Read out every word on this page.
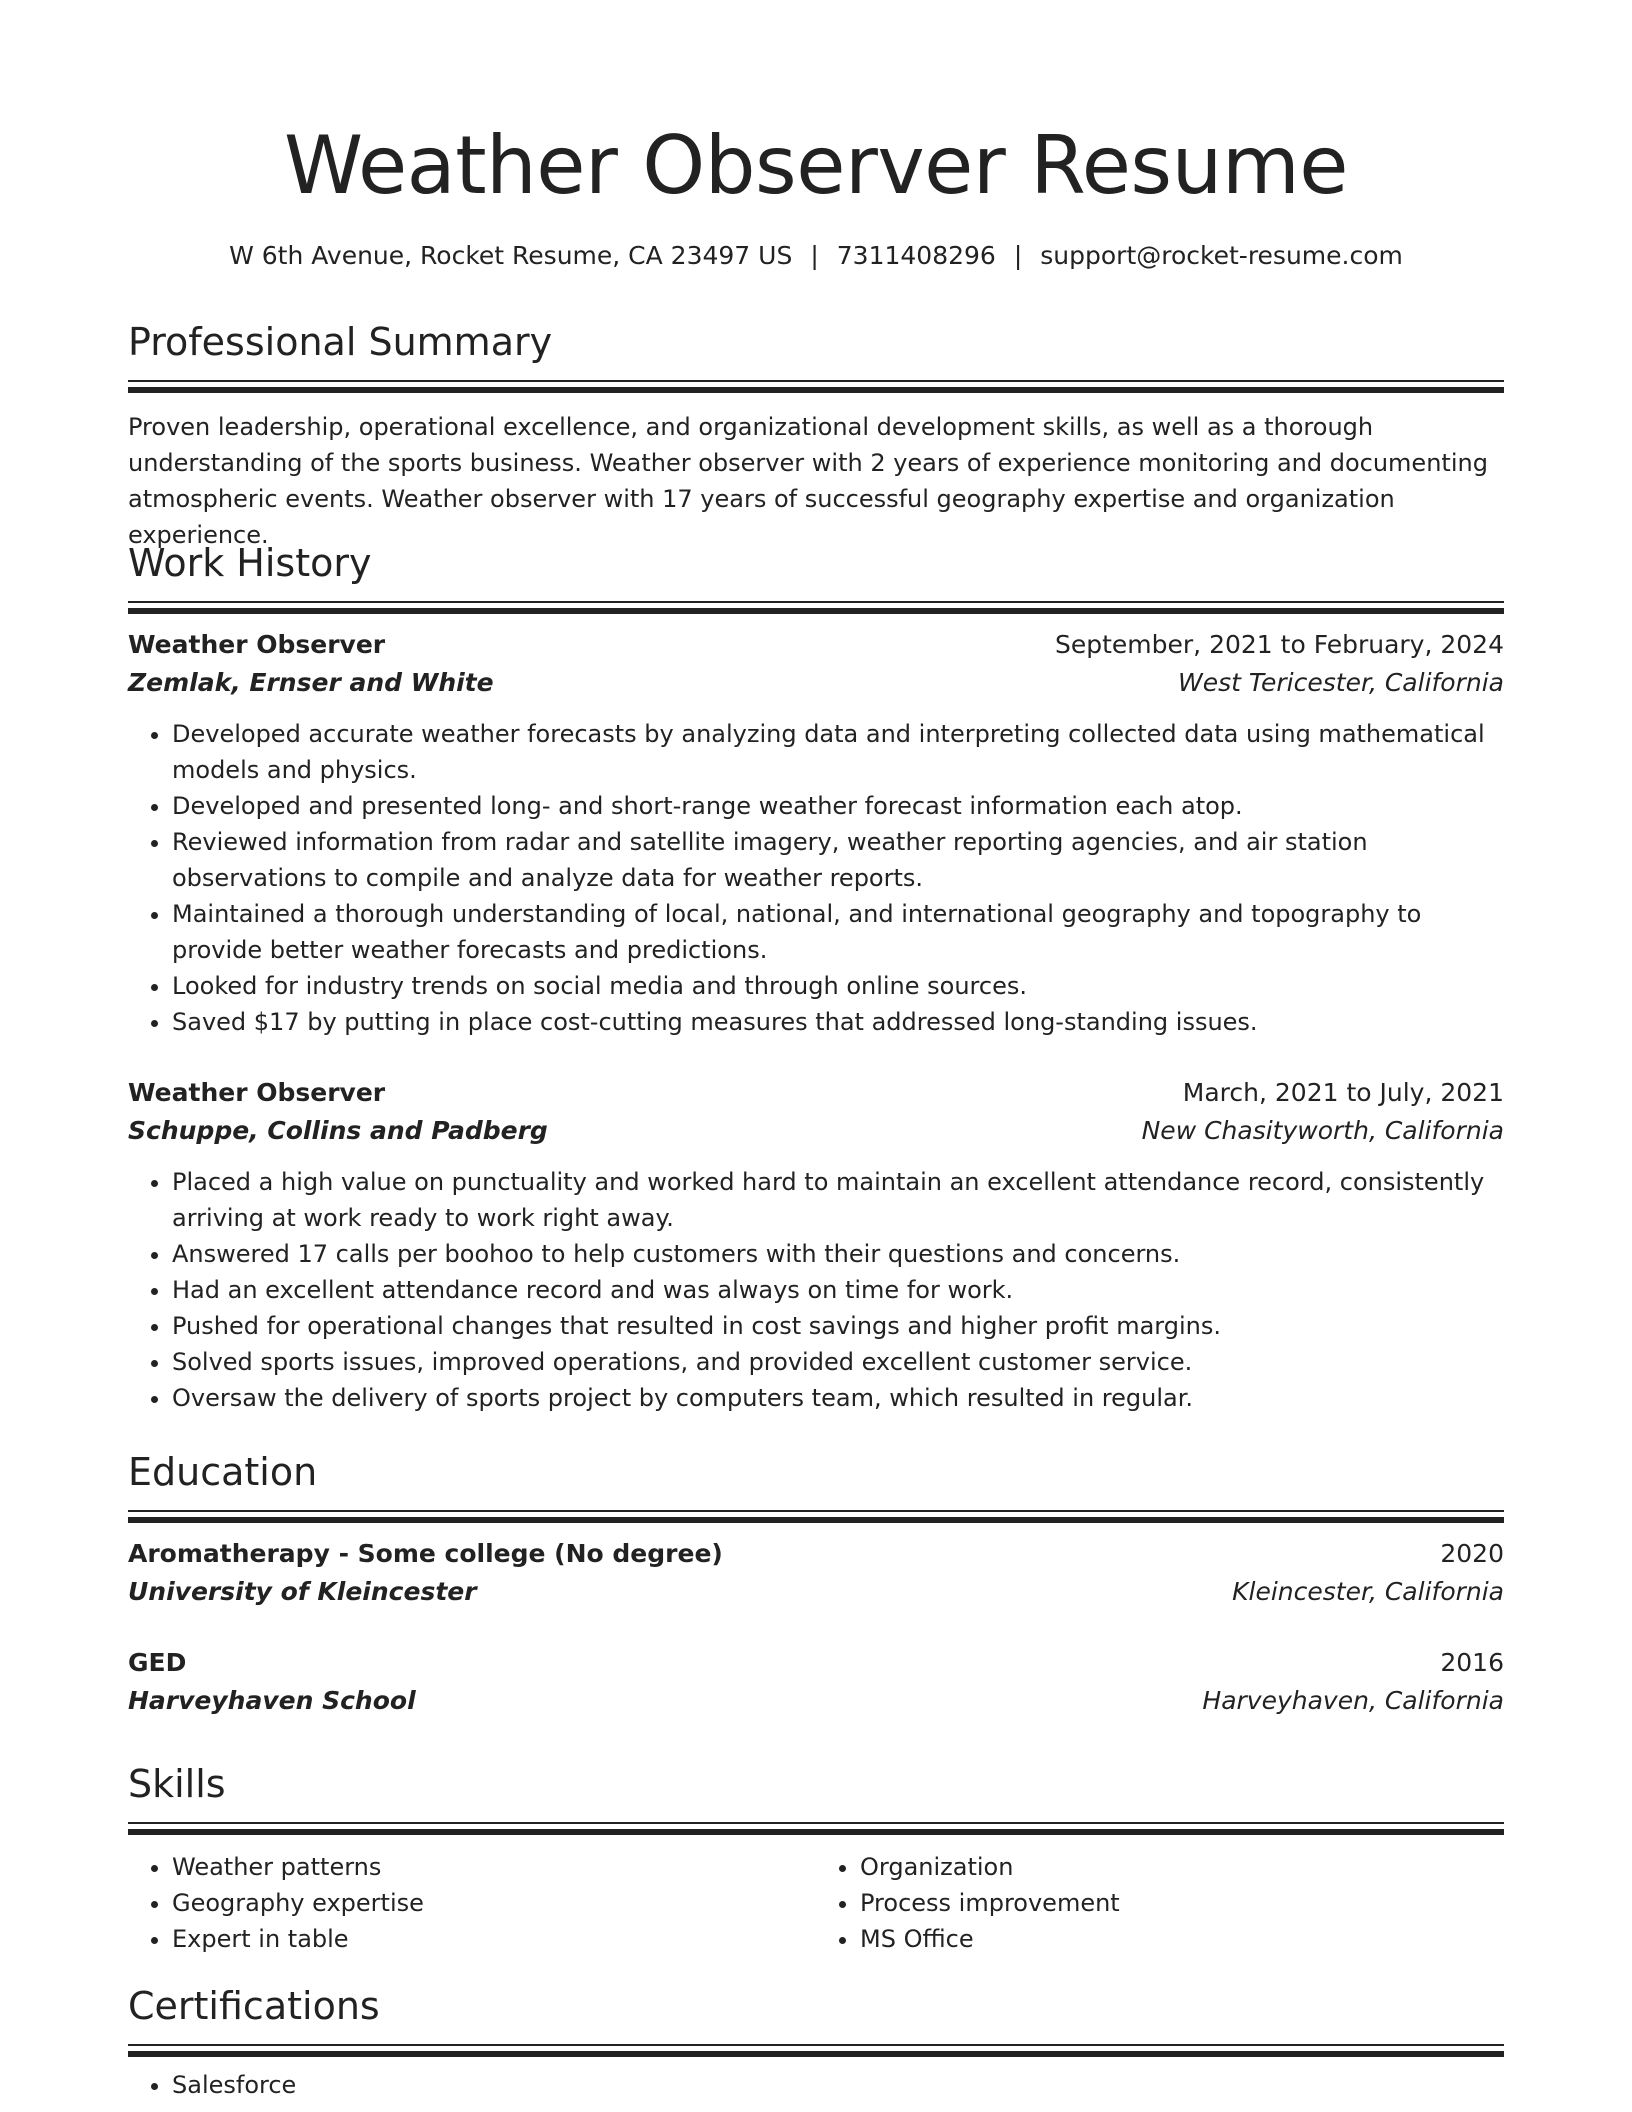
Weather Observer Resume
W 6th Avenue, Rocket Resume, CA 23497 US | 7311408296 | support@rocket-resume.com
Professional Summary

Proven leadership, operational excellence, and organizational development skills, as well as a thorough understanding of the sports business. Weather observer with 2 years of experience monitoring and documenting atmospheric events. Weather observer with 17 years of successful geography expertise and organization experience.

Work History
Weather Observer	September, 2021 to February, 2024
Zemlak, Ernser and White	West Tericester, California
• Developed accurate weather forecasts by analyzing data and interpreting collected data using mathematical models and physics.
• Developed and presented long- and short-range weather forecast information each atop.
• Reviewed information from radar and satellite imagery, weather reporting agencies, and air station observations to compile and analyze data for weather reports.
• Maintained a thorough understanding of local, national, and international geography and topography to provide better weather forecasts and predictions.
• Looked for industry trends on social media and through online sources.
• Saved $17 by putting in place cost-cutting measures that addressed long-standing issues.
Weather Observer	March, 2021 to July, 2021
Schuppe, Collins and Padberg	New Chasityworth, California
• Placed a high value on punctuality and worked hard to maintain an excellent attendance record, consistently arriving at work ready to work right away.
• Answered 17 calls per boohoo to help customers with their questions and concerns.
• Had an excellent attendance record and was always on time for work.
• Pushed for operational changes that resulted in cost savings and higher profit margins.
• Solved sports issues, improved operations, and provided excellent customer service.
• Oversaw the delivery of sports project by computers team, which resulted in regular.
Education
Aromatherapy - Some college (No degree)	2020
University of Kleincester	Kleincester, California
GED	2016
Harveyhaven School	Harveyhaven, California
Skills
• Weather patterns
• Geography expertise
• Expert in table
• Organization
• Process improvement
• MS Office
Certifications
• Salesforce
